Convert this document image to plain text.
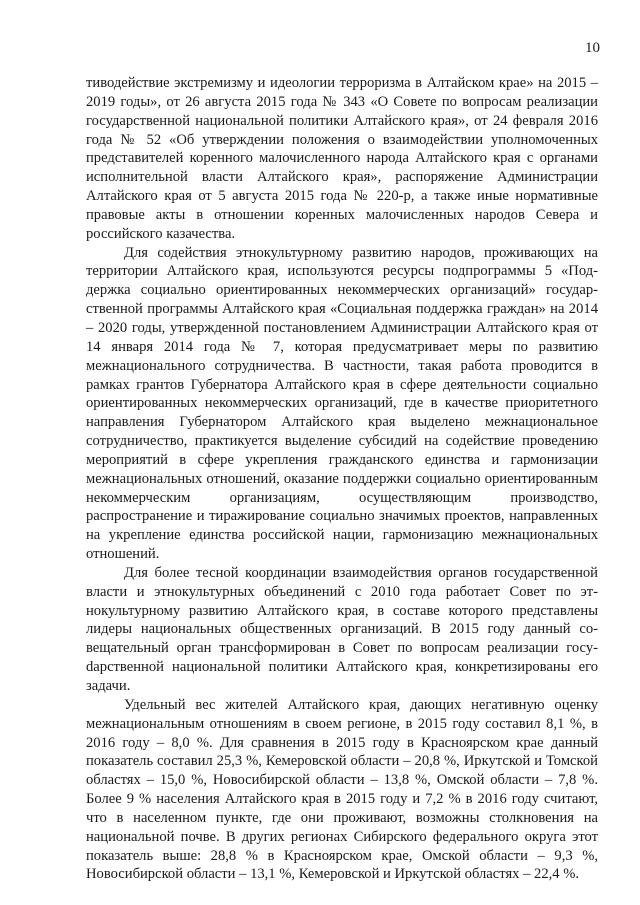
10

тиводействие экстремизму и идеологии терроризма в Алтайском крае» на 2015 – 2019 годы», от 26 августа 2015 года № 343 «О Совете по вопросам реализации государственной национальной политики Алтайского края», от 24 февраля 2016 года № 52 «Об утверждении положения о взаимодействии уполномоченных представителей коренного малочисленного народа Алтайского края с органами исполнительной власти Алтайского края», распоряжение Администрации Алтайского края от 5 августа 2015 года № 220-р, а также иные нормативные правовые акты в отношении коренных малочисленных народов Севера и российского казачества.

Для содействия этнокультурному развитию народов, проживающих на территории Алтайского края, используются ресурсы подпрограммы 5 «Поддержка социально ориентированных некоммерческих организаций» государственной программы Алтайского края «Социальная поддержка граждан» на 2014 – 2020 годы, утвержденной постановлением Администрации Алтайского края от 14 января 2014 года № 7, которая предусматривает меры по развитию межнационального сотрудничества. В частности, такая работа проводится в рамках грантов Губернатора Алтайского края в сфере деятельности социально ориентированных некоммерческих организаций, где в качестве приоритетного направления Губернатором Алтайского края выделено межнациональное сотрудничество, практикуется выделение субсидий на содействие проведению мероприятий в сфере укрепления гражданского единства и гармонизации межнациональных отношений, оказание поддержки социально ориентированным некоммерческим организациям, осуществляющим производство, распространение и тиражирование социально значимых проектов, направленных на укрепление единства российской нации, гармонизацию межнациональных отношений.

Для более тесной координации взаимодействия органов государственной власти и этнокультурных объединений с 2010 года работает Совет по этнокультурному развитию Алтайского края, в составе которого представлены лидеры национальных общественных организаций. В 2015 году данный совещательный орган трансформирован в Совет по вопросам реализации госуdарственной национальной политики Алтайского края, конкретизированы его задачи.

Удельный вес жителей Алтайского края, дающих негативную оценку межнациональным отношениям в своем регионе, в 2015 году составил 8,1 %, в 2016 году – 8,0 %. Для сравнения в 2015 году в Красноярском крае данный показатель составил 25,3 %, Кемеровской области – 20,8 %, Иркутской и Томской областях – 15,0 %, Новосибирской области – 13,8 %, Омской области – 7,8 %. Более 9 % населения Алтайского края в 2015 году и 7,2 % в 2016 году считают, что в населенном пункте, где они проживают, возможны столкновения на национальной почве. В других регионах Сибирского федерального округа этот показатель выше: 28,8 % в Красноярском крае, Омской области – 9,3 %, Новосибирской области – 13,1 %, Кемеровской и Иркутской областях – 22,4 %.
